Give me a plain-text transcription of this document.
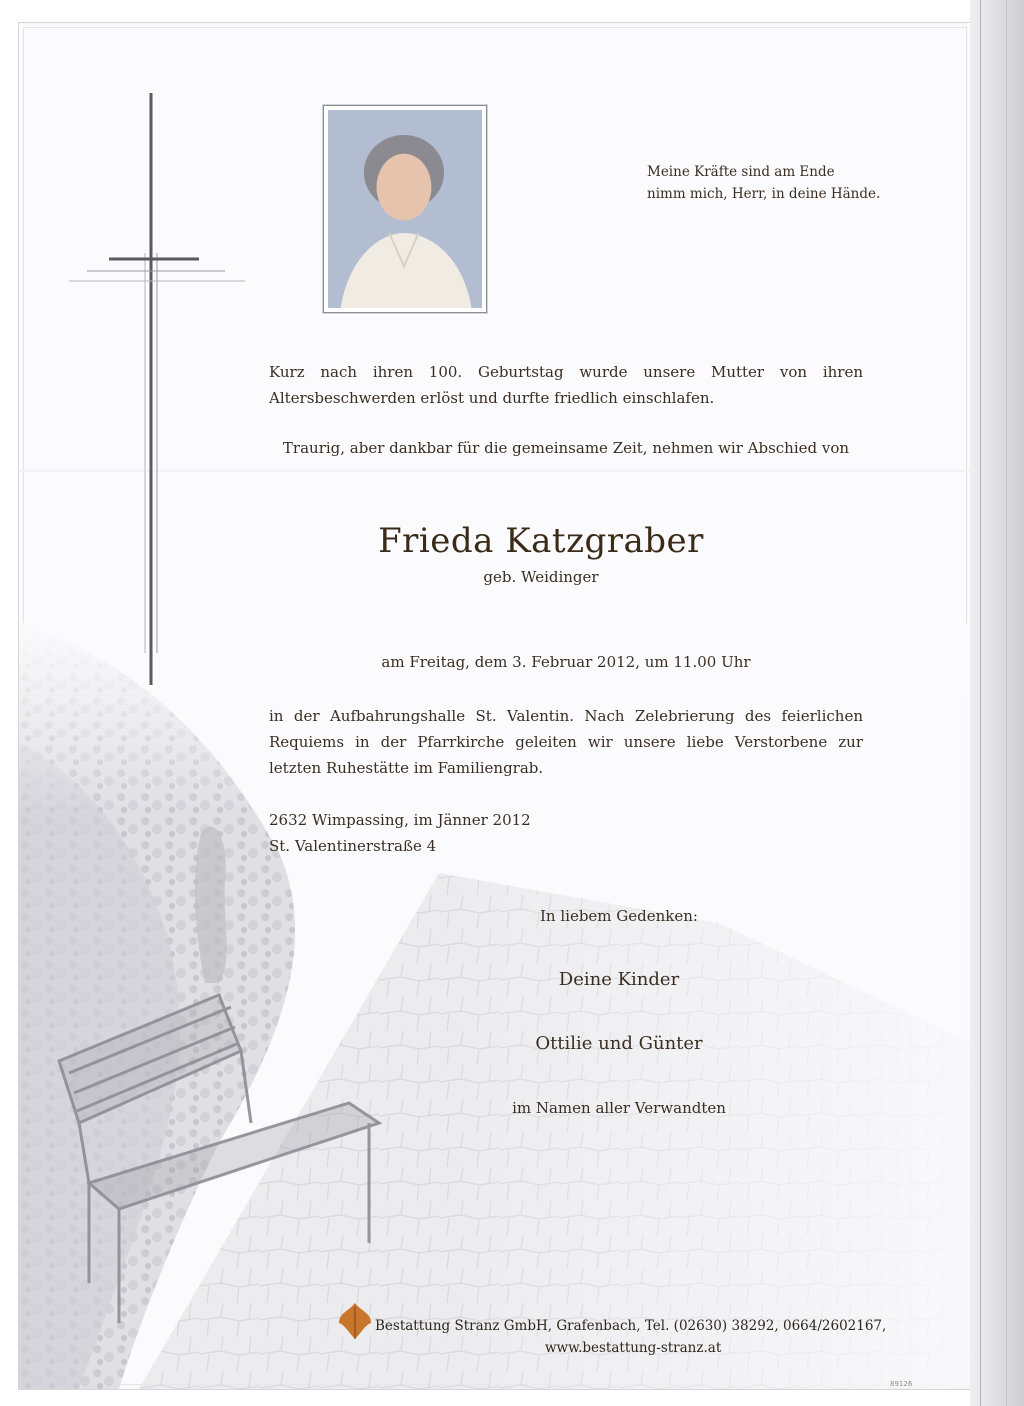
Meine Kräfte sind am Ende
nimm mich, Herr, in deine Hände.
Kurz nach ihren 100. Geburtstag wurde unsere Mutter von ihren Altersbeschwerden erlöst und durfte friedlich einschlafen.
Traurig, aber dankbar für die gemeinsame Zeit, nehmen wir Abschied von
Frieda Katzgraber
geb. Weidinger
am Freitag, dem 3. Februar 2012, um 11.00 Uhr
in der Aufbahrungshalle St. Valentin. Nach Zelebrierung des feierlichen Requiems in der Pfarrkirche geleiten wir unsere liebe Verstorbene zur letzten Ruhestätte im Familiengrab.
2632 Wimpassing, im Jänner 2012
St. Valentinerstraße 4
In liebem Gedenken:
Deine Kinder
Ottilie und Günter
im Namen aller Verwandten
Bestattung Stranz GmbH, Grafenbach, Tel. (02630) 38292, 0664/2602167,
www.bestattung-stranz.at
89126
